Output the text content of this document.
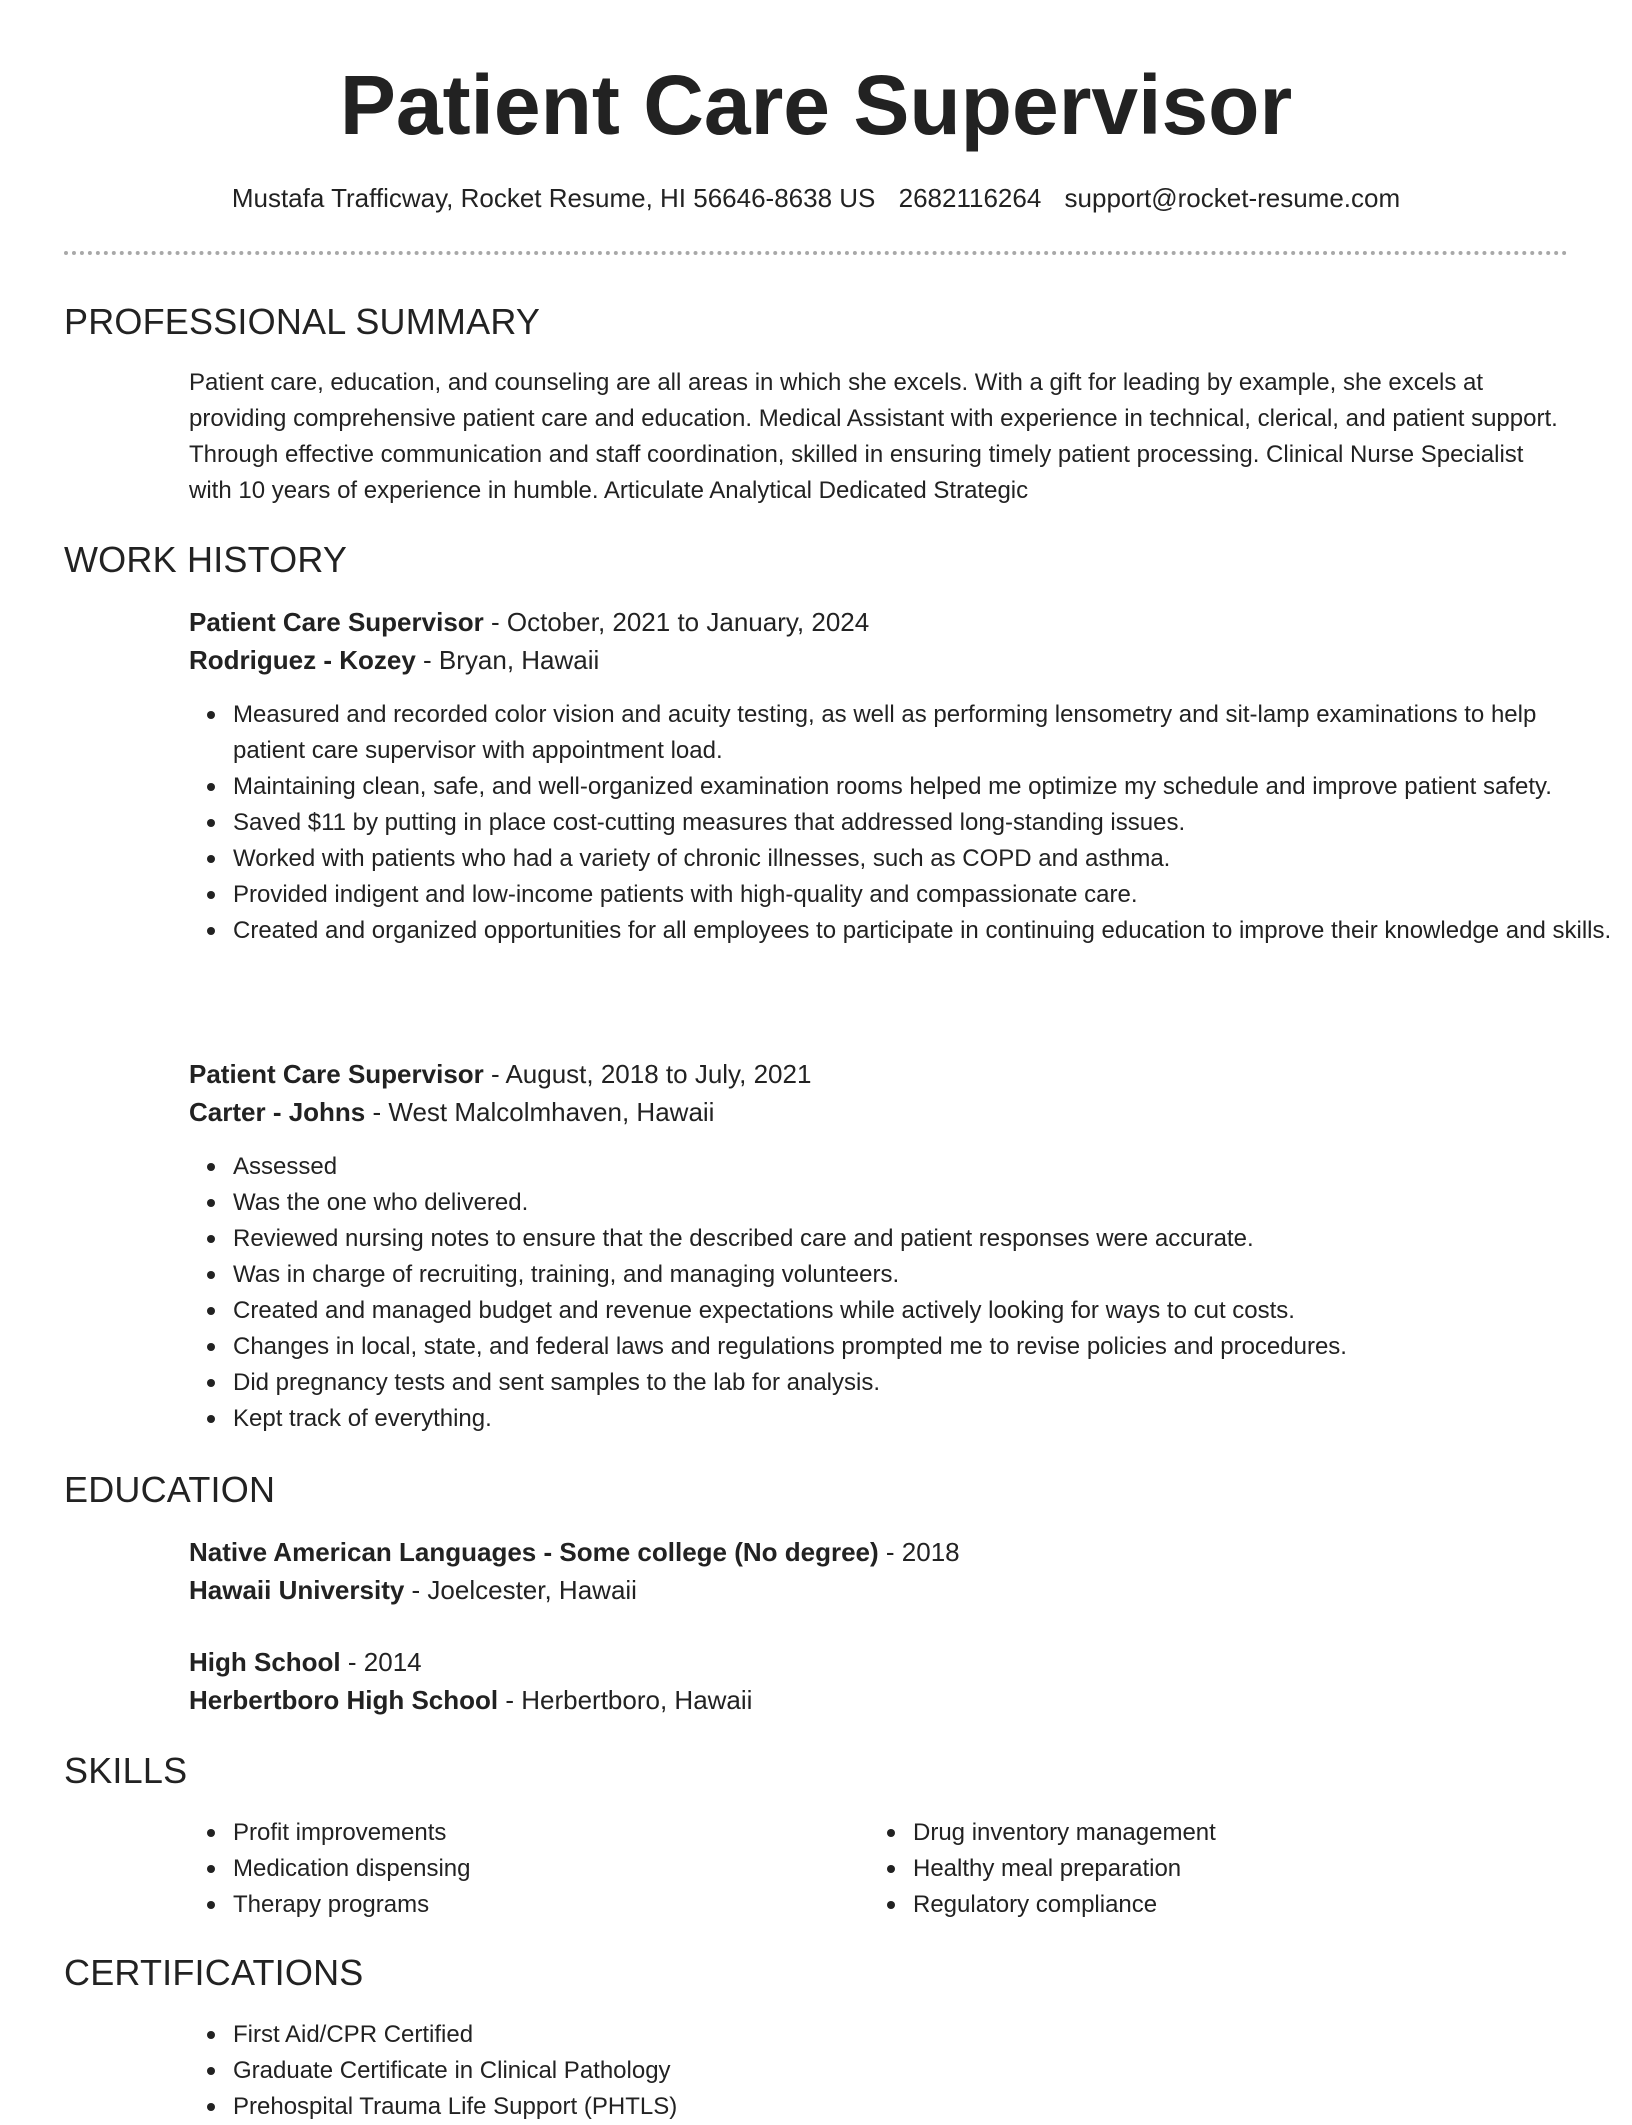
Patient Care Supervisor
Mustafa Trafficway, Rocket Resume, HI 56646-8638 US 2682116264 support@rocket-resume.com
PROFESSIONAL SUMMARY

Patient care, education, and counseling are all areas in which she excels. With a gift for leading by example, she excels at providing comprehensive patient care and education. Medical Assistant with experience in technical, clerical, and patient support. Through effective communication and staff coordination, skilled in ensuring timely patient processing. Clinical Nurse Specialist with 10 years of experience in humble. Articulate Analytical Dedicated Strategic

WORK HISTORY
Patient Care Supervisor - October, 2021 to January, 2024
Rodriguez - Kozey - Bryan, Hawaii
Measured and recorded color vision and acuity testing, as well as performing lensometry and sit-lamp examinations to help patient care supervisor with appointment load.
Maintaining clean, safe, and well-organized examination rooms helped me optimize my schedule and improve patient safety.
Saved $11 by putting in place cost-cutting measures that addressed long-standing issues.
Worked with patients who had a variety of chronic illnesses, such as COPD and asthma.
Provided indigent and low-income patients with high-quality and compassionate care.
Created and organized opportunities for all employees to participate in continuing education to improve their knowledge and skills.
Patient Care Supervisor - August, 2018 to July, 2021
Carter - Johns - West Malcolmhaven, Hawaii
Assessed
Was the one who delivered.
Reviewed nursing notes to ensure that the described care and patient responses were accurate.
Was in charge of recruiting, training, and managing volunteers.
Created and managed budget and revenue expectations while actively looking for ways to cut costs.
Changes in local, state, and federal laws and regulations prompted me to revise policies and procedures.
Did pregnancy tests and sent samples to the lab for analysis.
Kept track of everything.
EDUCATION
Native American Languages - Some college (No degree) - 2018
Hawaii University - Joelcester, Hawaii
High School - 2014
Herbertboro High School - Herbertboro, Hawaii
SKILLS
Profit improvements
Medication dispensing
Therapy programs
Drug inventory management
Healthy meal preparation
Regulatory compliance
CERTIFICATIONS
First Aid/CPR Certified
Graduate Certificate in Clinical Pathology
Prehospital Trauma Life Support (PHTLS)
